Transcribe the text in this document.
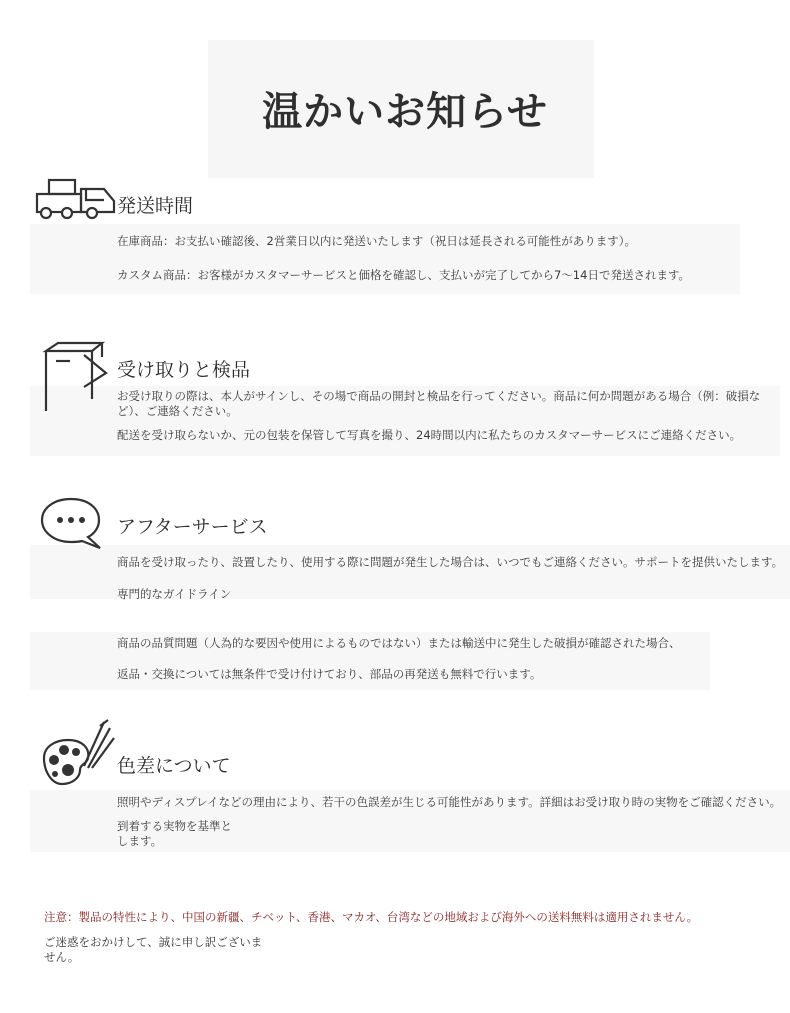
温かいお知らせ
発送時間
在庫商品：お支払い確認後、2営業日以内に発送いたします（祝日は延長される可能性があります）。
カスタム商品：お客様がカスタマーサービスと価格を確認し、支払いが完了してから7〜14日で発送されます。
受け取りと検品
お受け取りの際は、本人がサインし、その場で商品の開封と検品を行ってください。商品に何か問題がある場合（例：破損など）、ご連絡ください。
配送を受け取らないか、元の包装を保管して写真を撮り、24時間以内に私たちのカスタマーサービスにご連絡ください。
アフターサービス
商品を受け取ったり、設置したり、使用する際に問題が発生した場合は、いつでもご連絡ください。サポートを提供いたします。
専門的なガイドライン
商品の品質問題（人為的な要因や使用によるものではない）または輸送中に発生した破損が確認された場合、
返品・交換については無条件で受け付けており、部品の再発送も無料で行います。
色差について
照明やディスプレイなどの理由により、若干の色誤差が生じる可能性があります。詳細はお受け取り時の実物をご確認ください。
到着する実物を基準とします。
注意：製品の特性により、中国の新疆、チベット、香港、マカオ、台湾などの地域および海外への送料無料は適用されません。
ご迷惑をおかけして、誠に申し訳ございません。
